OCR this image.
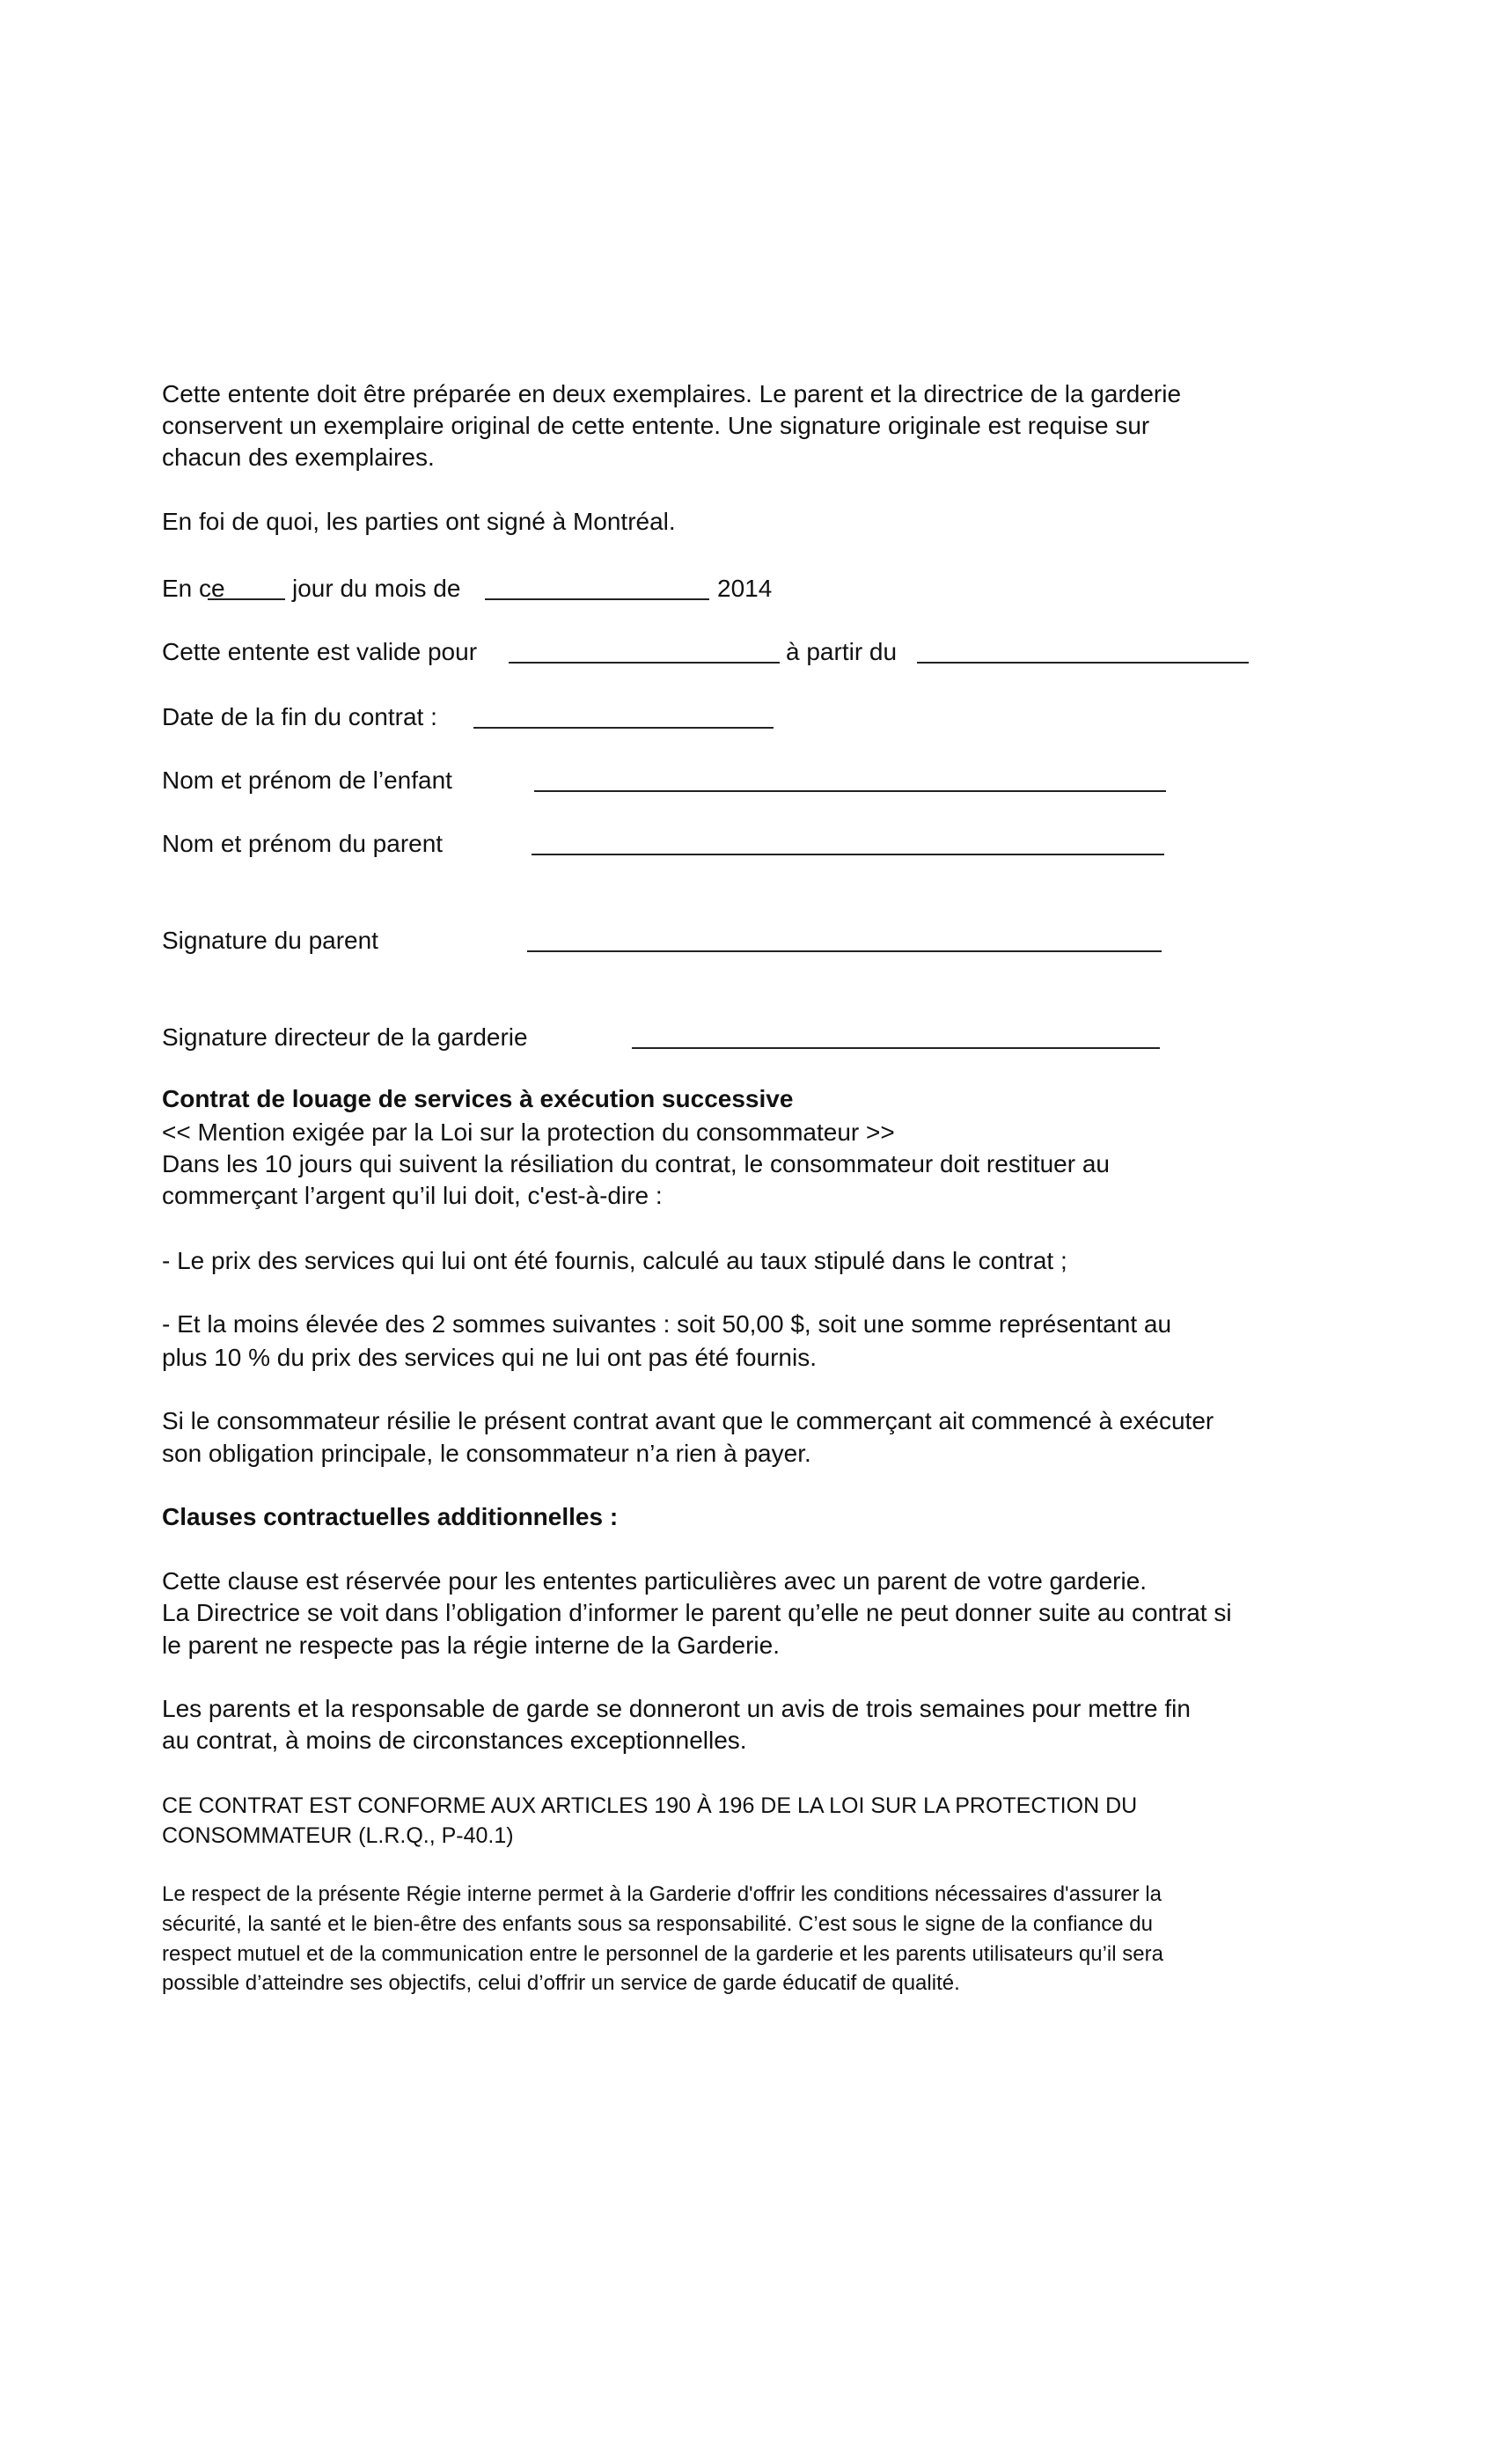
Cette entente doit être préparée en deux exemplaires. Le parent et la directrice de la garderie
conservent un exemplaire original de cette entente. Une signature originale est requise sur
chacun des exemplaires.
En foi de quoi, les parties ont signé à Montréal.
En ce	jour du mois de	2014
Cette entente est valide pour	à partir du
Date de la fin du contrat :
Nom et prénom de l’enfant
Nom et prénom du parent
Signature du parent
Signature directeur de la garderie
Contrat de louage de services à exécution successive
<< Mention exigée par la Loi sur la protection du consommateur >>
Dans les 10 jours qui suivent la résiliation du contrat, le consommateur doit restituer au
commerçant l’argent qu’il lui doit, c'est-à-dire :
- Le prix des services qui lui ont été fournis, calculé au taux stipulé dans le contrat ;
- Et la moins élevée des 2 sommes suivantes : soit 50,00 $, soit une somme représentant au
plus 10 % du prix des services qui ne lui ont pas été fournis.
Si le consommateur résilie le présent contrat avant que le commerçant ait commencé à exécuter
son obligation principale, le consommateur n’a rien à payer.
Clauses contractuelles additionnelles :
Cette clause est réservée pour les ententes particulières avec un parent de votre garderie.
La Directrice se voit dans l’obligation d’informer le parent qu’elle ne peut donner suite au contrat si
le parent ne respecte pas la régie interne de la Garderie.
Les parents et la responsable de garde se donneront un avis de trois semaines pour mettre fin
au contrat, à moins de circonstances exceptionnelles.
CE CONTRAT EST CONFORME AUX ARTICLES 190 À 196 DE LA LOI SUR LA PROTECTION DU
CONSOMMATEUR (L.R.Q., P-40.1)
Le respect de la présente Régie interne permet à la Garderie d'offrir les conditions nécessaires d'assurer la
sécurité, la santé et le bien-être des enfants sous sa responsabilité. C’est sous le signe de la confiance du
respect mutuel et de la communication entre le personnel de la garderie et les parents utilisateurs qu’il sera
possible d’atteindre ses objectifs, celui d’offrir un service de garde éducatif de qualité.
